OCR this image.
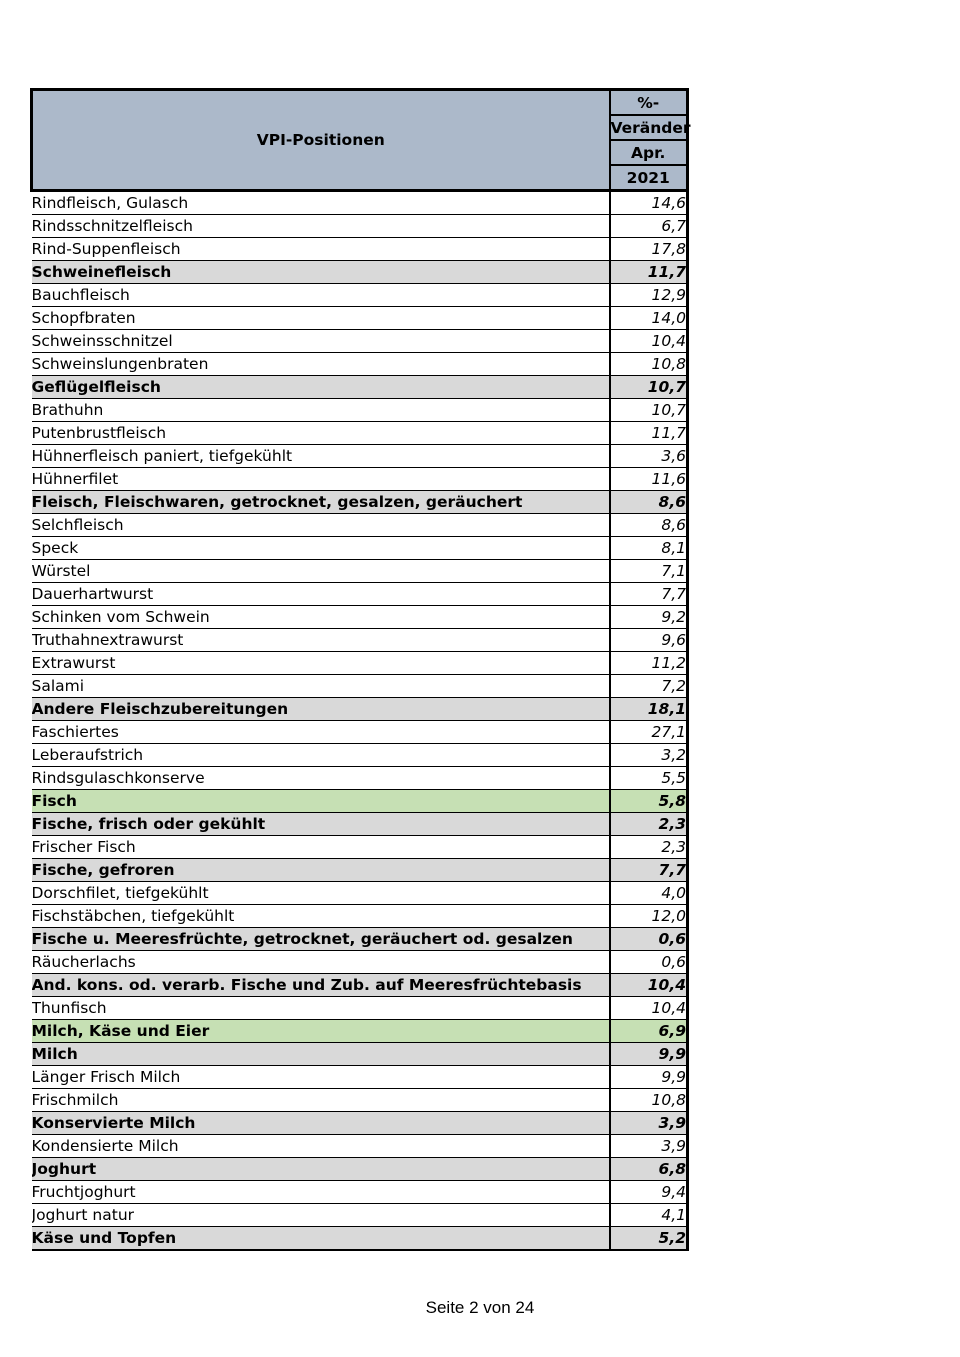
VPI-Positionen	%-
	Veränder
	Apr.
	2021
Rindfleisch, Gulasch	14,6
Rindsschnitzelfleisch	6,7
Rind-Suppenfleisch	17,8
Schweinefleisch	11,7
Bauchfleisch	12,9
Schopfbraten	14,0
Schweinsschnitzel	10,4
Schweinslungenbraten	10,8
Geflügelfleisch	10,7
Brathuhn	10,7
Putenbrustfleisch	11,7
Hühnerfleisch paniert, tiefgekühlt	3,6
Hühnerfilet	11,6
Fleisch, Fleischwaren, getrocknet, gesalzen, geräuchert	8,6
Selchfleisch	8,6
Speck	8,1
Würstel	7,1
Dauerhartwurst	7,7
Schinken vom Schwein	9,2
Truthahnextrawurst	9,6
Extrawurst	11,2
Salami	7,2
Andere Fleischzubereitungen	18,1
Faschiertes	27,1
Leberaufstrich	3,2
Rindsgulaschkonserve	5,5
Fisch	5,8
Fische, frisch oder gekühlt	2,3
Frischer Fisch	2,3
Fische, gefroren	7,7
Dorschfilet, tiefgekühlt	4,0
Fischstäbchen, tiefgekühlt	12,0
Fische u. Meeresfrüchte, getrocknet, geräuchert od. gesalzen	0,6
Räucherlachs	0,6
And. kons. od. verarb. Fische und Zub. auf Meeresfrüchtebasis	10,4
Thunfisch	10,4
Milch, Käse und Eier	6,9
Milch	9,9
Länger Frisch Milch	9,9
Frischmilch	10,8
Konservierte Milch	3,9
Kondensierte Milch	3,9
Joghurt	6,8
Fruchtjoghurt	9,4
Joghurt natur	4,1
Käse und Topfen	5,2
Seite 2 von 24
